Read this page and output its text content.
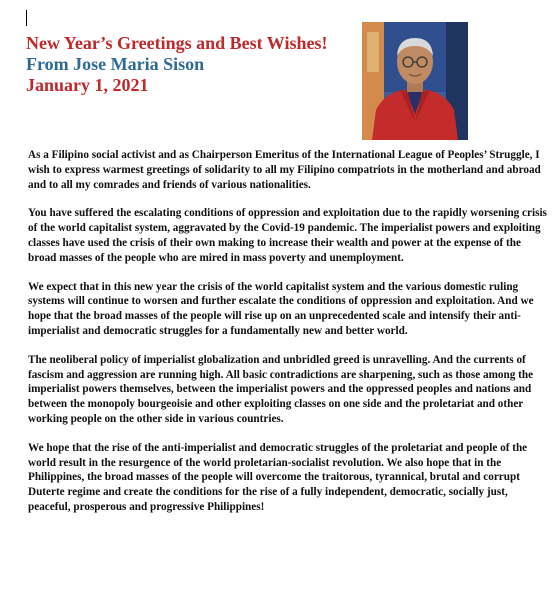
New Year’s Greetings and Best Wishes!
From Jose Maria Sison
January 1, 2021

As a Filipino social activist and as Chairperson Emeritus of the International League of Peoples’ Struggle, I wish to express warmest greetings of solidarity to all my Filipino compatriots in the motherland and abroad and to all my comrades and friends of various nationalities.

You have suffered the escalating conditions of oppression and exploitation due to the rapidly worsening crisis of the world capitalist system, aggravated by the Covid-19 pandemic. The imperialist powers and exploiting classes have used the crisis of their own making to increase their wealth and power at the expense of the broad masses of the people who are mired in mass poverty and unemployment.

We expect that in this new year the crisis of the world capitalist system and the various domestic ruling systems will continue to worsen and further escalate the conditions of oppression and exploitation. And we hope that the broad masses of the people will rise up on an unprecedented scale and intensify their anti-imperialist and democratic struggles for a fundamentally new and better world.

The neoliberal policy of imperialist globalization and unbridled greed is unravelling. And the currents of fascism and aggression are running high. All basic contradictions are sharpening, such as those among the imperialist powers themselves, between the imperialist powers and the oppressed peoples and nations and between the monopoly bourgeoisie and other exploiting classes on one side and the proletariat and other working people on the other side in various countries.

We hope that the rise of the anti-imperialist and democratic struggles of the proletariat and people of the world result in the resurgence of the world proletarian-socialist revolution. We also hope that in the Philippines, the broad masses of the people will overcome the traitorous, tyrannical, brutal and corrupt Duterte regime and create the conditions for the rise of a fully independent, democratic, socially just, peaceful, prosperous and progressive Philippines!
